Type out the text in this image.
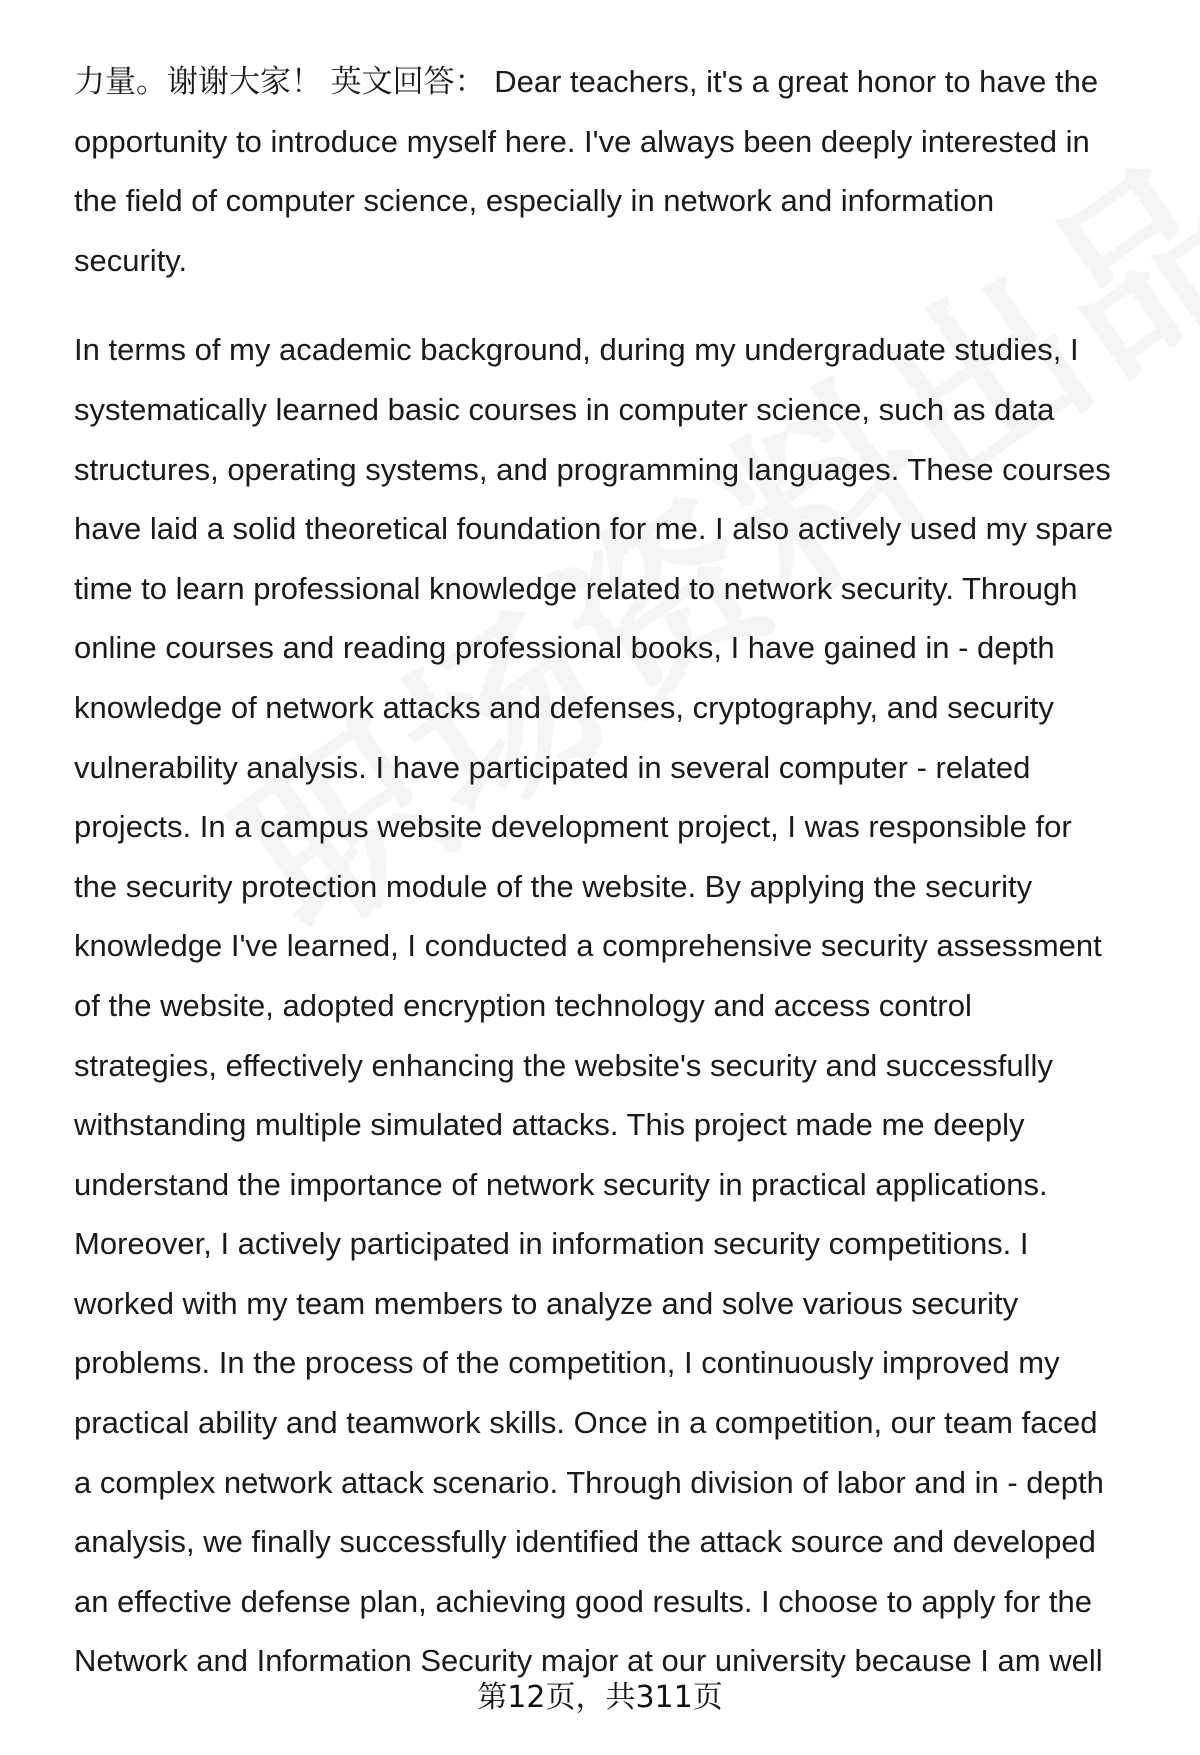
力量。谢谢大家！ 英文回答： Dear teachers, it's a great honor to have the

opportunity to introduce myself here. I've always been deeply interested in

the field of computer science, especially in network and information

security.

In terms of my academic background, during my undergraduate studies, I

systematically learned basic courses in computer science, such as data

structures, operating systems, and programming languages. These courses

have laid a solid theoretical foundation for me. I also actively used my spare

time to learn professional knowledge related to network security. Through

online courses and reading professional books, I have gained in - depth

knowledge of network attacks and defenses, cryptography, and security

vulnerability analysis. I have participated in several computer - related

projects. In a campus website development project, I was responsible for

the security protection module of the website. By applying the security

knowledge I've learned, I conducted a comprehensive security assessment

of the website, adopted encryption technology and access control

strategies, effectively enhancing the website's security and successfully

withstanding multiple simulated attacks. This project made me deeply

understand the importance of network security in practical applications.

Moreover, I actively participated in information security competitions. I

worked with my team members to analyze and solve various security

problems. In the process of the competition, I continuously improved my

practical ability and teamwork skills. Once in a competition, our team faced

a complex network attack scenario. Through division of labor and in - depth

analysis, we finally successfully identified the attack source and developed

an effective defense plan, achieving good results. I choose to apply for the

Network and Information Security major at our university because I am well

第12页，共311页
